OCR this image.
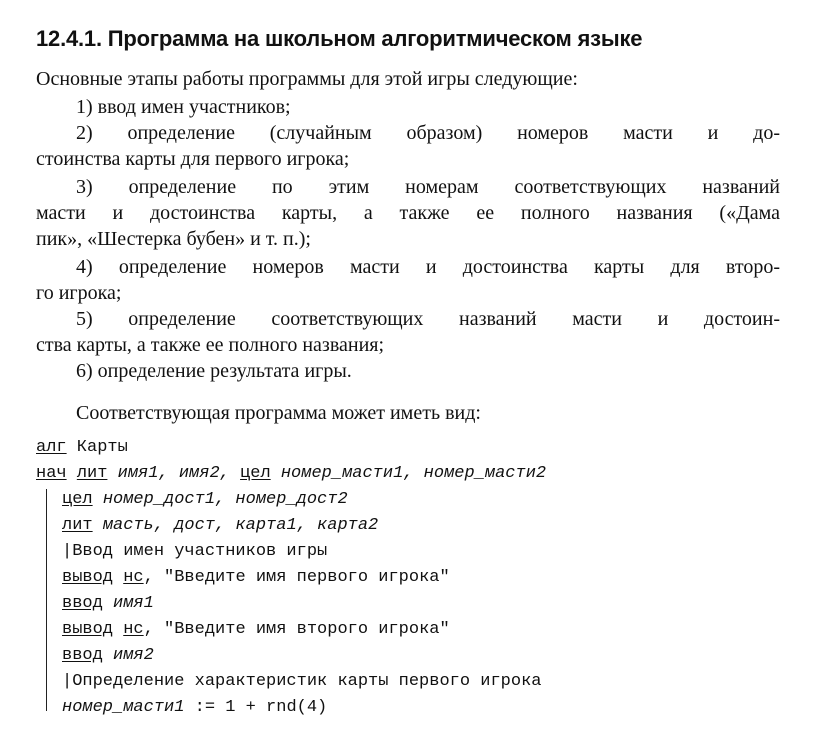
12.4.1. Программа на школьном алгоритмическом языке
Основные этапы работы программы для этой игры следующие:
1) ввод имен участников;
2) определение (случайным образом) номеров масти и до-
стоинства карты для первого игрока;
3) определение по этим номерам соответствующих названий
масти и достоинства карты, а также ее полного названия («Дама
пик», «Шестерка бубен» и т. п.);
4) определение номеров масти и достоинства карты для второ-
го игрока;
5) определение соответствующих названий масти и достоин-
ства карты, а также ее полного названия;
6) определение результата игры.
Соответствующая программа может иметь вид:
алг Карты
нач лит имя1, имя2, цел номер_масти1, номер_масти2
цел номер_дост1, номер_дост2
лит масть, дост, карта1, карта2
|Ввод имен участников игры
вывод нс, "Введите имя первого игрока"
ввод имя1
вывод нс, "Введите имя второго игрока"
ввод имя2
|Определение характеристик карты первого игрока
номер_масти1 := 1 + rnd(4)
